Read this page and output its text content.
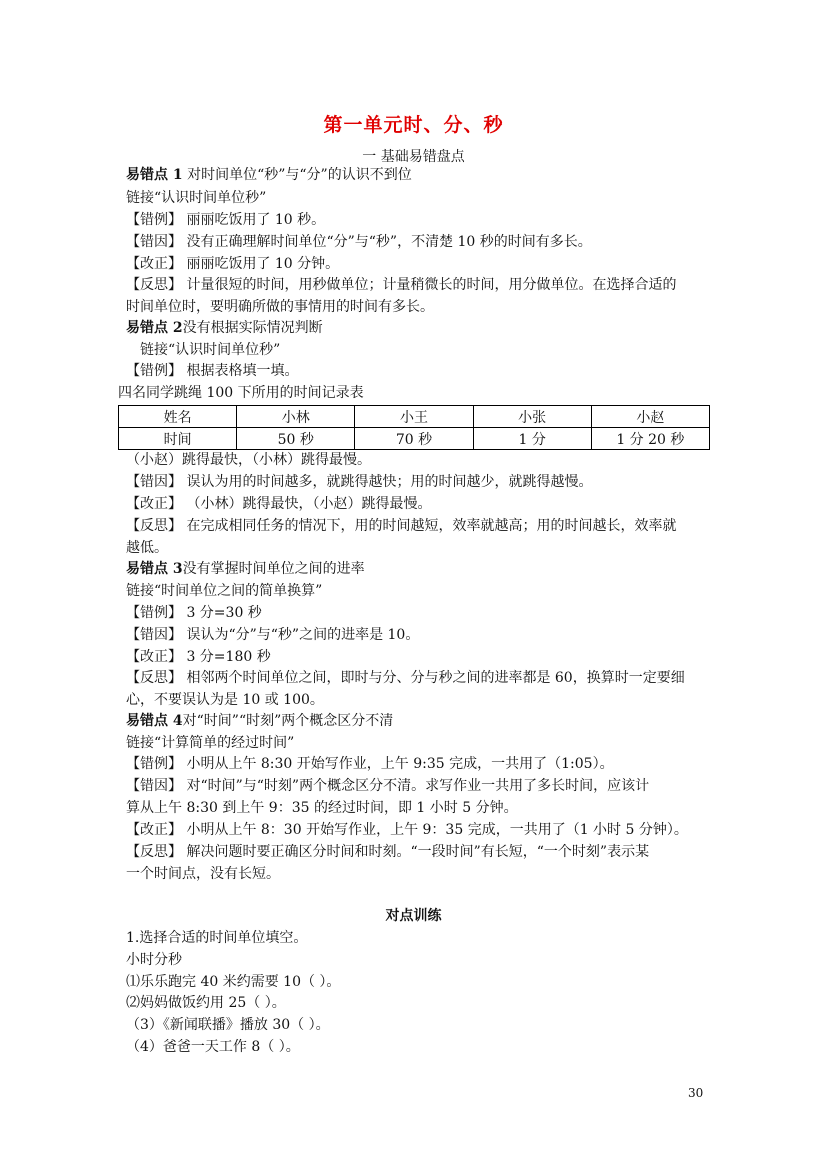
第一单元时、分、秒
一 基础易错盘点
易错点 1 对时间单位“秒”与“分”的认识不到位
链接“认识时间单位秒”
【错例】 丽丽吃饭用了 10 秒。
【错因】 没有正确理解时间单位“分”与“秒”，不清楚 10 秒的时间有多长。
【改正】 丽丽吃饭用了 10 分钟。
【反思】 计量很短的时间，用秒做单位；计量稍微长的时间，用分做单位。在选择合适的
时间单位时，要明确所做的事情用的时间有多长。
易错点 2没有根据实际情况判断
链接“认识时间单位秒”
【错例】 根据表格填一填。
四名同学跳绳 100 下所用的时间记录表
姓名	小林	小王	小张	小赵
时间	50 秒	70 秒	1 分	1 分 20 秒
（小赵）跳得最快，（小林）跳得最慢。
【错因】 误认为用的时间越多，就跳得越快；用的时间越少，就跳得越慢。
【改正】 （小林）跳得最快，（小赵）跳得最慢。
【反思】 在完成相同任务的情况下，用的时间越短，效率就越高；用的时间越长，效率就
越低。
易错点 3没有掌握时间单位之间的进率
链接“时间单位之间的简单换算”
【错例】 3 分=30 秒
【错因】 误认为“分”与“秒”之间的进率是 10。
【改正】 3 分=180 秒
【反思】 相邻两个时间单位之间，即时与分、分与秒之间的进率都是 60，换算时一定要细
心，不要误认为是 10 或 100。
易错点 4对“时间”“时刻”两个概念区分不清
链接“计算简单的经过时间”
【错例】 小明从上午 8:30 开始写作业，上午 9:35 完成，一共用了（1:05）。
【错因】 对“时间”与“时刻”两个概念区分不清。求写作业一共用了多长时间，应该计
算从上午 8:30 到上午 9：35 的经过时间，即 1 小时 5 分钟。
【改正】 小明从上午 8：30 开始写作业，上午 9：35 完成，一共用了（1 小时 5 分钟）。
【反思】 解决问题时要正确区分时间和时刻。“一段时间”有长短，“一个时刻”表示某
一个时间点，没有长短。
对点训练
1.选择合适的时间单位填空。
小时分秒
⑴乐乐跑完 40 米约需要 10（ ）。
⑵妈妈做饭约用 25（ ）。
（3）《新闻联播》播放 30（ ）。
（4）爸爸一天工作 8（ ）。
30
